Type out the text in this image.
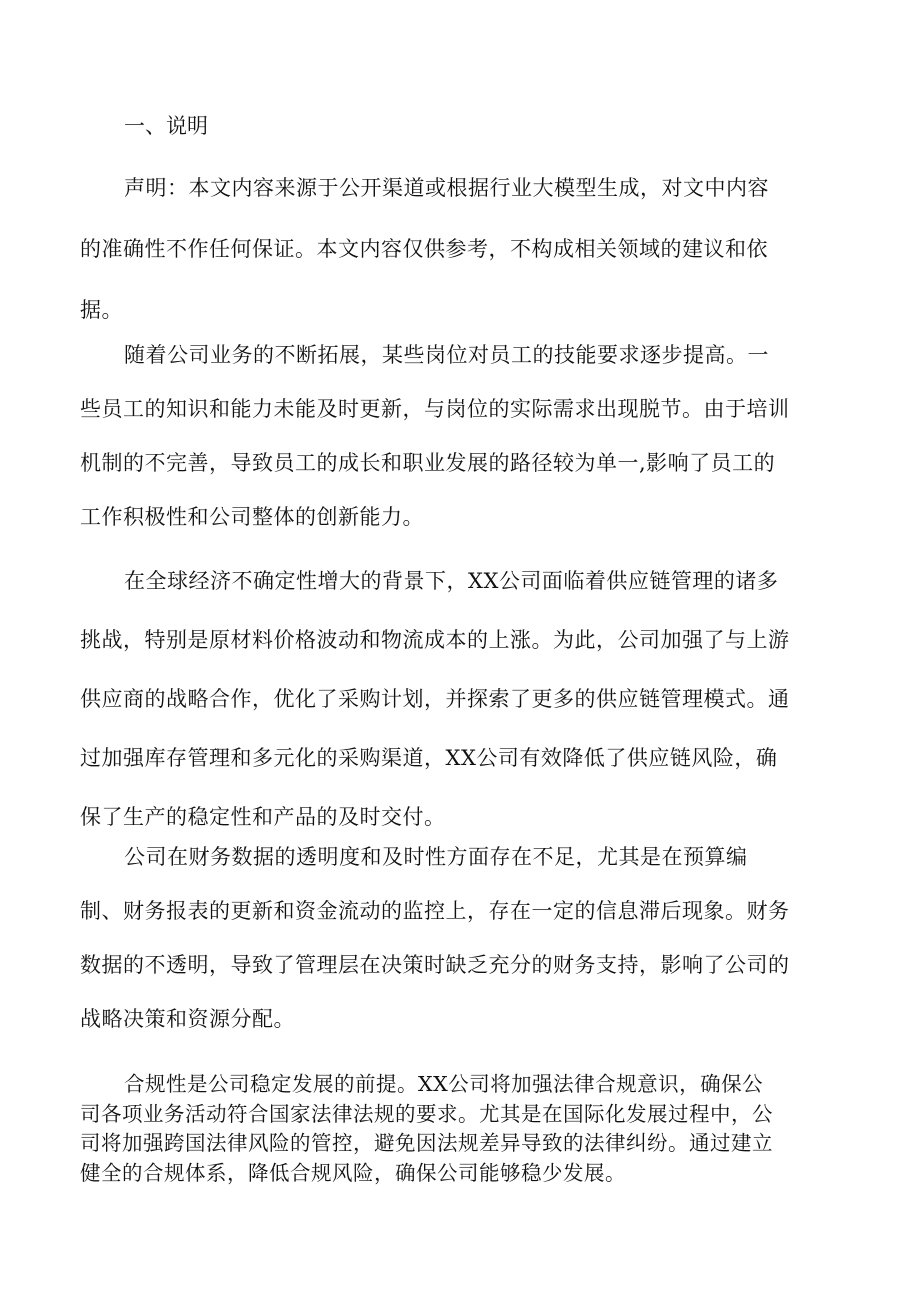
一、说明

声明：本文内容来源于公开渠道或根据行业大模型生成，对文中内容
的准确性不作任何保证。本文内容仅供参考，不构成相关领域的建议和依
据。

随着公司业务的不断拓展，某些岗位对员工的技能要求逐步提高。一
些员工的知识和能力未能及时更新，与岗位的实际需求出现脱节。由于培训
机制的不完善，导致员工的成长和职业发展的路径较为单一,影响了员工的
工作积极性和公司整体的创新能力。

在全球经济不确定性增大的背景下，XX公司面临着供应链管理的诸多
挑战，特别是原材料价格波动和物流成本的上涨。为此，公司加强了与上游
供应商的战略合作，优化了采购计划，并探索了更多的供应链管理模式。通
过加强库存管理和多元化的采购渠道，XX公司有效降低了供应链风险，确
保了生产的稳定性和产品的及时交付。

公司在财务数据的透明度和及时性方面存在不足，尤其是在预算编
制、财务报表的更新和资金流动的监控上，存在一定的信息滞后现象。财务
数据的不透明，导致了管理层在决策时缺乏充分的财务支持，影响了公司的
战略决策和资源分配。

合规性是公司稳定发展的前提。XX公司将加强法律合规意识，确保公
司各项业务活动符合国家法律法规的要求。尤其是在国际化发展过程中，公
司将加强跨国法律风险的管控，避免因法规差异导致的法律纠纷。通过建立
健全的合规体系，降低合规风险，确保公司能够稳少发展。
